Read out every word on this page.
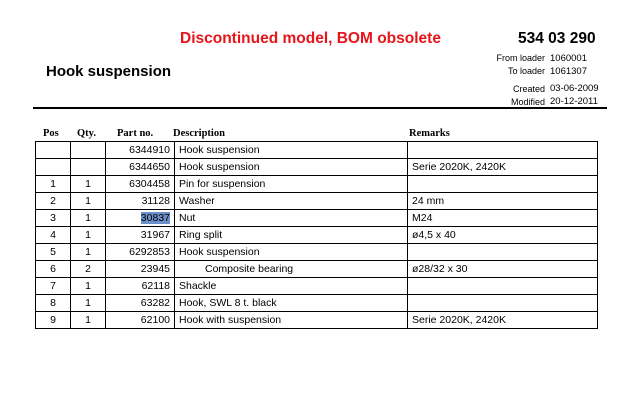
Discontinued model, BOM obsolete	534 03 290
Hook suspension
From loader 1060001
To loader 1061307
Created 03-06-2009
Modified 20-12-2011
Pos Qty. Part no. Description	Remarks
		6344910	Hook suspension	
		6344650	Hook suspension	Serie 2020K, 2420K
1	1	6304458	Pin for suspension	
2	1	31128	Washer	24 mm
3	1	30837	Nut	M24
4	1	31967	Ring split	ø4,5 x 40
5	1	6292853	Hook suspension	
6	2	23945	Composite bearing	ø28/32 x 30
7	1	62118	Shackle	
8	1	63282	Hook, SWL 8 t. black	
9	1	62100	Hook with suspension	Serie 2020K, 2420K
